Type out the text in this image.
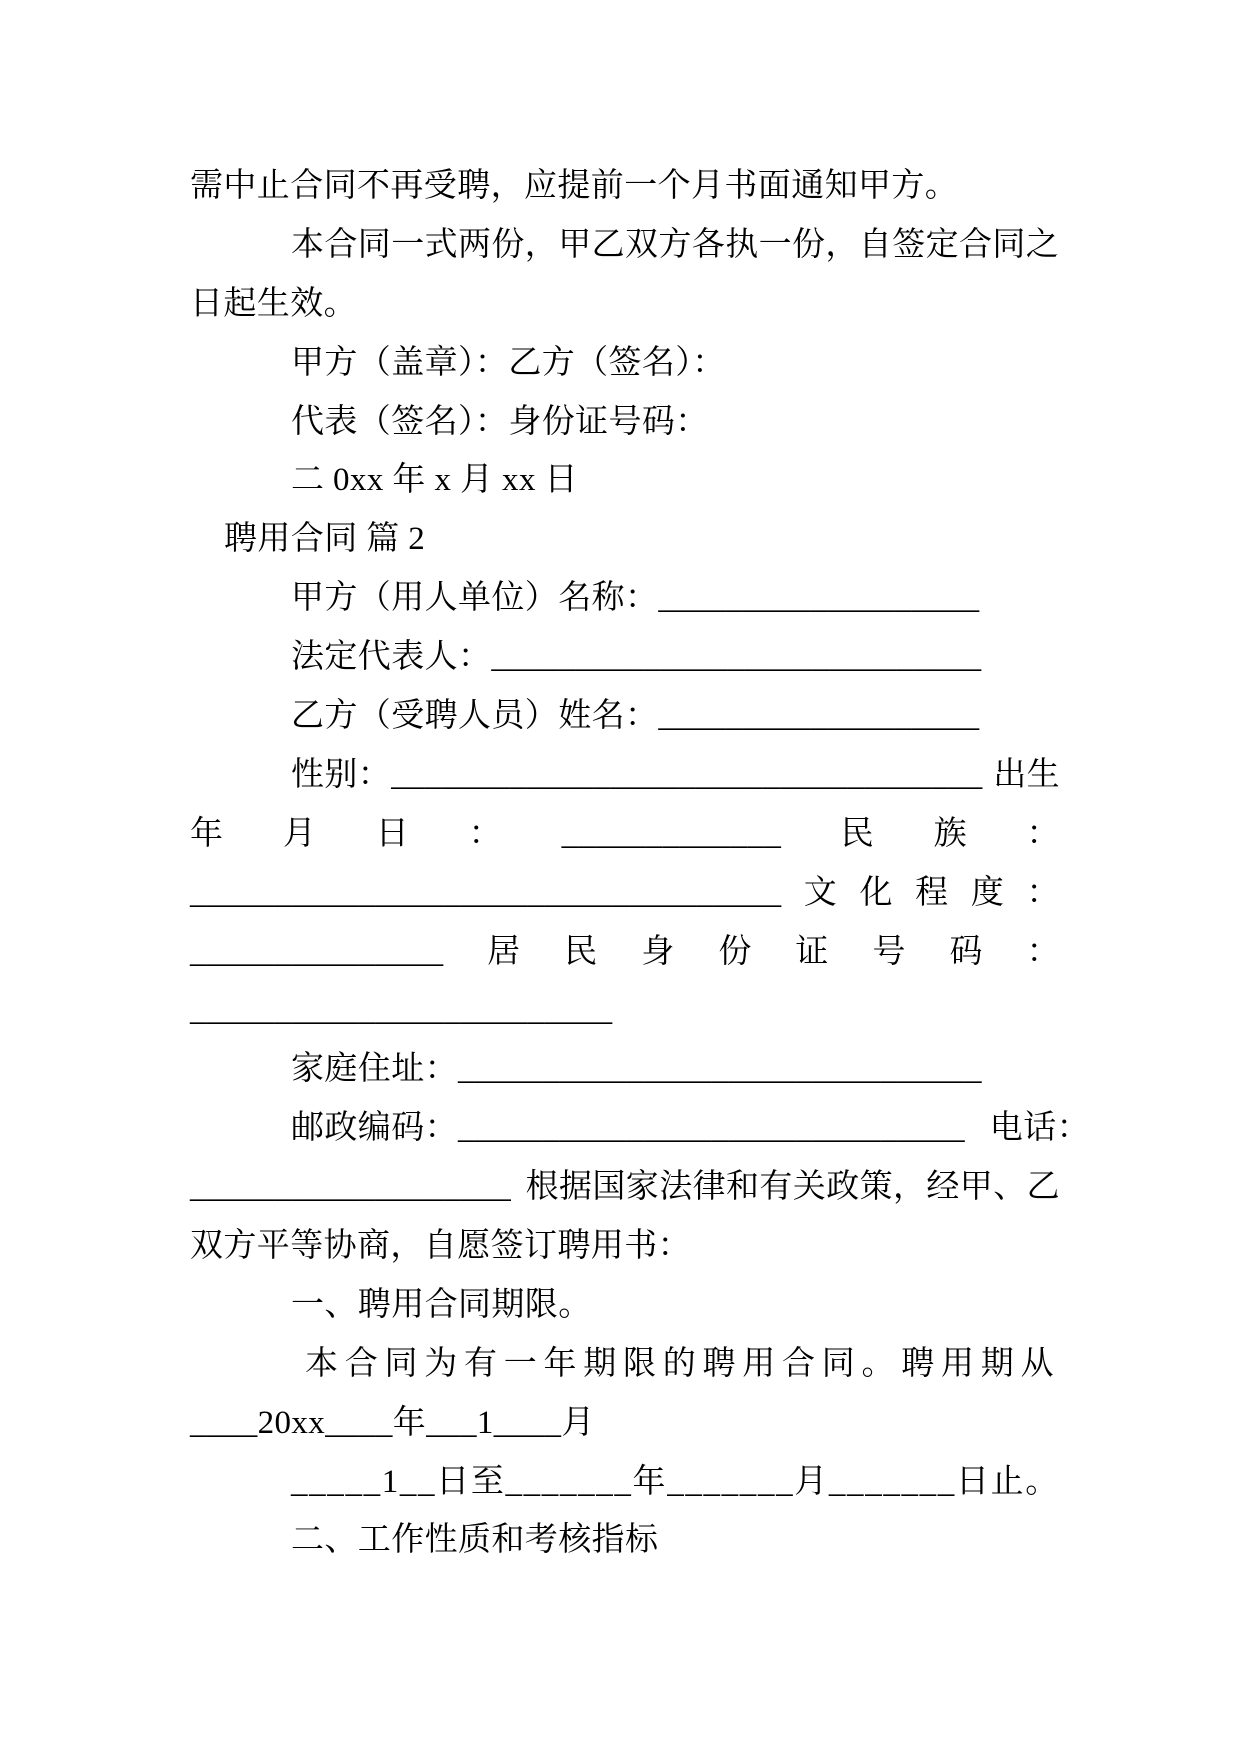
需中止合同不再受聘，应提前一个月书面通知甲方。
本合同一式两份，甲乙双方各执一份，自签定合同之
日起生效。
甲方（盖章）：乙方（签名）：
代表（签名）：身份证号码：
二 0xx 年 x 月 xx 日
聘用合同 篇 2
甲方（用人单位）名称：___________________
法定代表人：_____________________________
乙方（受聘人员）姓名：___________________
性别：___________________________________ 出生
年 月 日 ： _____________ 民 族 ：
___________________________________ 文 化 程 度 ：
_______________ 居 民 身 份 证 号 码 ：
_________________________
家庭住址：_______________________________
邮政编码：______________________________ 电话：
___________________ 根据国家法律和有关政策，经甲、乙
双方平等协商，自愿签订聘用书：
一、聘用合同期限。
本合同为有一年期限的聘用合同。聘用期从
____20xx____年___1____月
_____1__日至_______年_______月_______日止。
二、工作性质和考核指标
